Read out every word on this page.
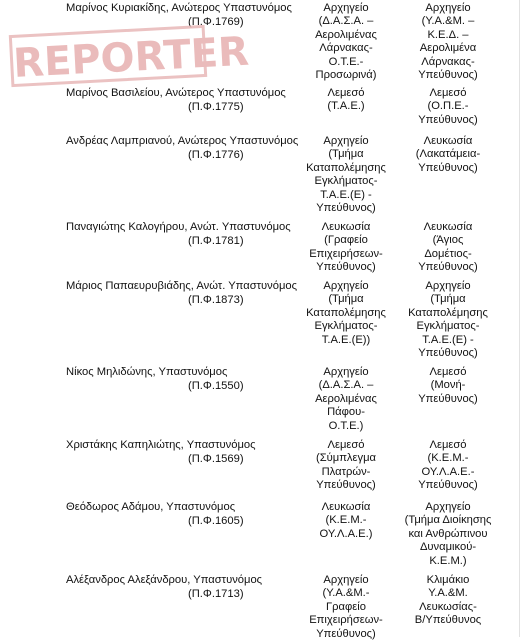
Μαρίνος Κυριακίδης, Ανώτερος Υπαστυνόμος
(Π.Φ.1769)
Αρχηγείο
(Δ.Α.Σ.Α. –
Αερολιμένας
Λάρνακας-
Ο.Τ.Ε.-
Προσωρινά)
Αρχηγείο
(Υ.Α.&Μ. –
Κ.Ε.Δ. –
Αερολιμένα
Λάρνακας-
Υπεύθυνος)
Μαρίνος Βασιλείου, Ανώτερος Υπαστυνόμος
(Π.Φ.1775)
Λεμεσό
(Τ.Α.Ε.)
Λεμεσό
(Ο.Π.Ε.-
Υπεύθυνος)
Ανδρέας Λαμπριανού, Ανώτερος Υπαστυνόμος
(Π.Φ.1776)
Αρχηγείο
(Τμήμα
Καταπολέμησης
Εγκλήματος-
Τ.Α.Ε.(Ε) -
Υπεύθυνος)
Λευκωσία
(Λακατάμεια-
Υπεύθυνος)
Παναγιώτης Καλογήρου, Ανώτ. Υπαστυνόμος
(Π.Φ.1781)
Λευκωσία
(Γραφείο
Επιχειρήσεων-
Υπεύθυνος)
Λευκωσία
(Άγιος
Δομέτιος-
Υπεύθυνος)
Μάριος Παπαευρυβιάδης, Ανώτ. Υπαστυνόμος
(Π.Φ.1873)
Αρχηγείο
(Τμήμα
Καταπολέμησης
Εγκλήματος-
Τ.Α.Ε.(Ε))
Αρχηγείο
(Τμήμα
Καταπολέμησης
Εγκλήματος-
Τ.Α.Ε.(Ε) -
Υπεύθυνος)
Νίκος Μηλιδώνης, Υπαστυνόμος
(Π.Φ.1550)
Αρχηγείο
(Δ.Α.Σ.Α. –
Αερολιμένας
Πάφου-
Ο.Τ.Ε.)
Λεμεσό
(Μονή-
Υπεύθυνος)
Χριστάκης Καπηλιώτης, Υπαστυνόμος
(Π.Φ.1569)
Λεμεσό
(Σύμπλεγμα
Πλατρών-
Υπεύθυνος)
Λεμεσό
(Κ.Ε.Μ.-
ΟΥ.Λ.Α.Ε.-
Υπεύθυνος)
Θεόδωρος Αδάμου, Υπαστυνόμος
(Π.Φ.1605)
Λευκωσία
(Κ.Ε.Μ.-
ΟΥ.Λ.Α.Ε.)
Αρχηγείο
(Τμήμα Διοίκησης
και Ανθρώπινου
Δυναμικού-
Κ.Ε.Μ.)
Αλέξανδρος Αλεξάνδρου, Υπαστυνόμος
(Π.Φ.1713)
Αρχηγείο
(Υ.Α.&Μ.-
Γραφείο
Επιχειρήσεων-
Υπεύθυνος)
Κλιμάκιο
Υ.Α.&Μ.
Λευκωσίας-
Β/Υπεύθυνος
REPORTER
